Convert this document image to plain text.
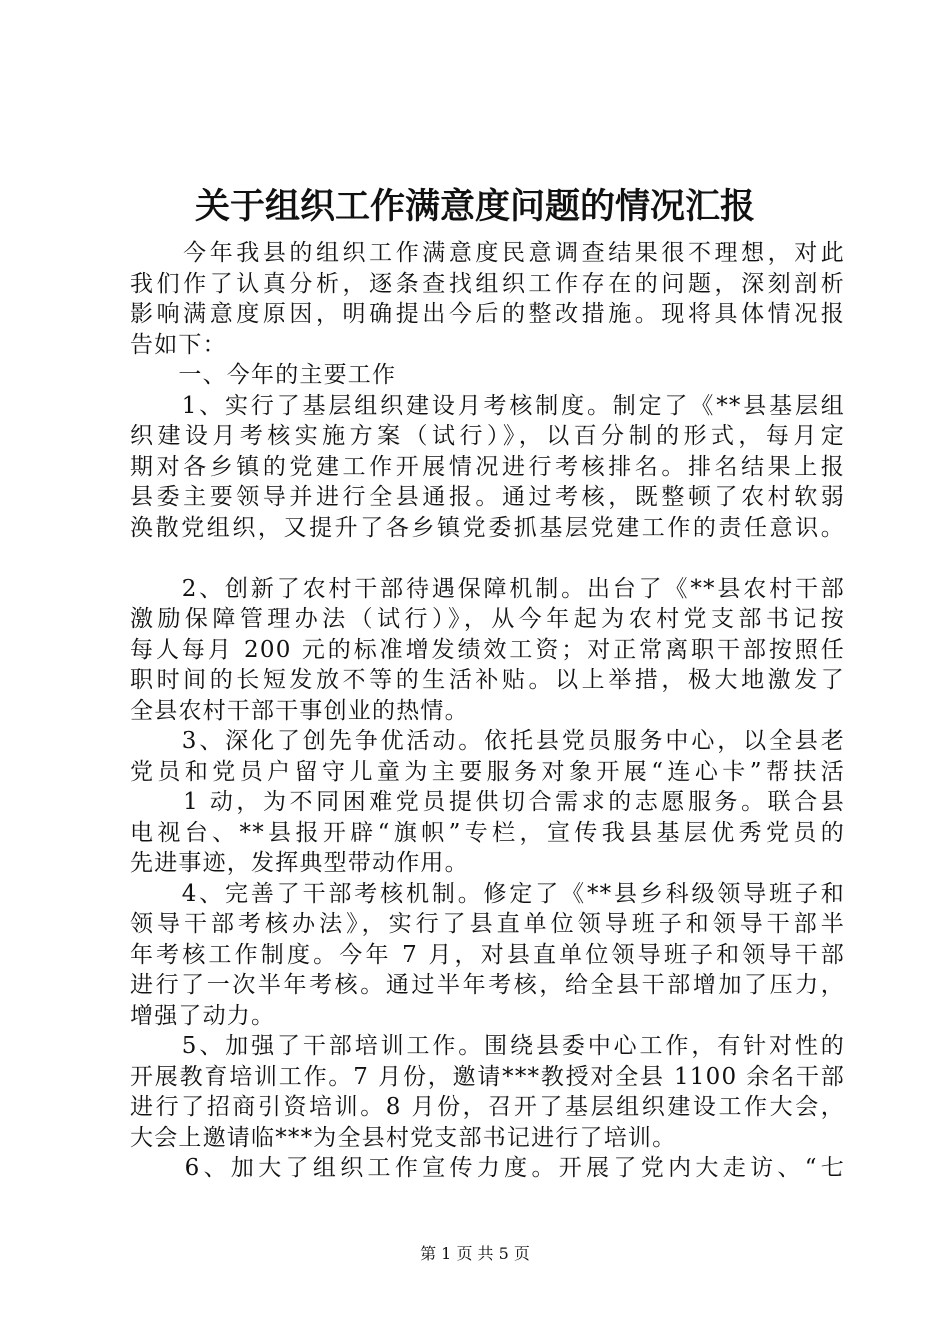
关于组织工作满意度问题的情况汇报
　　今年我县的组织工作满意度民意调查结果很不理想，对此
我们作了认真分析，逐条查找组织工作存在的问题，深刻剖析
影响满意度原因，明确提出今后的整改措施。现将具体情况报
告如下：
　　一、今年的主要工作
　　1、实行了基层组织建设月考核制度。制定了《**县基层组
织建设月考核实施方案（试行）》，以百分制的形式，每月定
期对各乡镇的党建工作开展情况进行考核排名。排名结果上报
县委主要领导并进行全县通报。通过考核，既整顿了农村软弱
涣散党组织，又提升了各乡镇党委抓基层党建工作的责任意识。
　　2、创新了农村干部待遇保障机制。出台了《**县农村干部
激励保障管理办法（试行）》，从今年起为农村党支部书记按
每人每月 200 元的标准增发绩效工资；对正常离职干部按照任
职时间的长短发放不等的生活补贴。以上举措，极大地激发了
全县农村干部干事创业的热情。
　　3、深化了创先争优活动。依托县党员服务中心，以全县老
党员和党员户留守儿童为主要服务对象开展“连心卡”帮扶活
　　1 动，为不同困难党员提供切合需求的志愿服务。联合县
电视台、**县报开辟“旗帜”专栏，宣传我县基层优秀党员的
先进事迹，发挥典型带动作用。
　　4、完善了干部考核机制。修定了《**县乡科级领导班子和
领导干部考核办法》，实行了县直单位领导班子和领导干部半
年考核工作制度。今年 7 月，对县直单位领导班子和领导干部
进行了一次半年考核。通过半年考核，给全县干部增加了压力，
增强了动力。
　　5、加强了干部培训工作。围绕县委中心工作，有针对性的
开展教育培训工作。7 月份，邀请***教授对全县 1100 余名干部
进行了招商引资培训。8 月份，召开了基层组织建设工作大会，
大会上邀请临***为全县村党支部书记进行了培训。
　　6、加大了组织工作宣传力度。开展了党内大走访、“七
第 1 页 共 5 页
